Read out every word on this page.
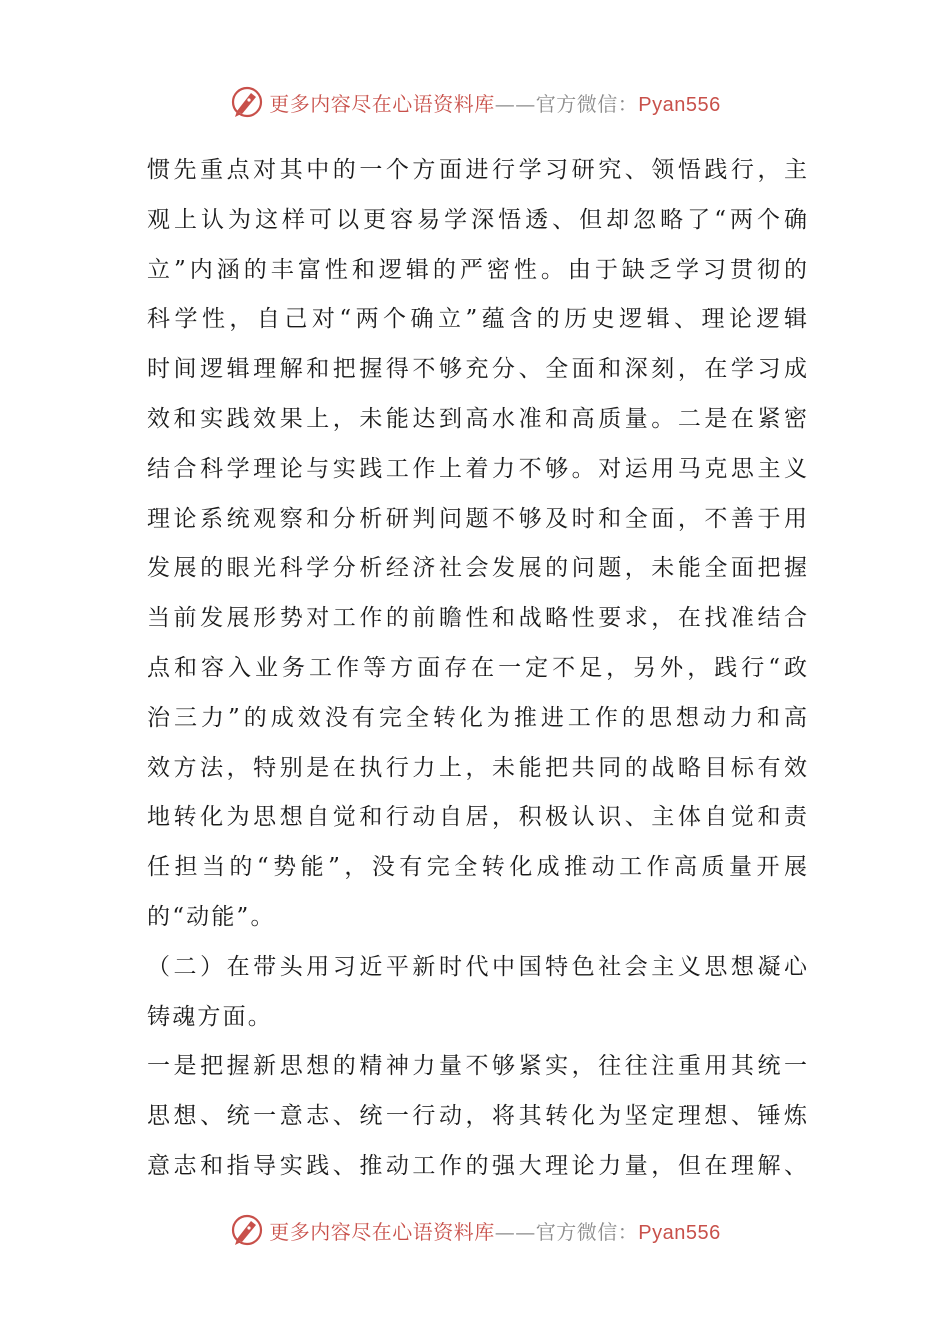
更多内容尽在心语资料库——官方微信：Pyan556
惯先重点对其中的一个方面进行学习研究、领悟践行，主
观上认为这样可以更容易学深悟透、但却忽略了“两个确
立”内涵的丰富性和逻辑的严密性。由于缺乏学习贯彻的
科学性，自己对“两个确立”蕴含的历史逻辑、理论逻辑
时间逻辑理解和把握得不够充分、全面和深刻，在学习成
效和实践效果上，未能达到高水准和高质量。二是在紧密
结合科学理论与实践工作上着力不够。对运用马克思主义
理论系统观察和分析研判问题不够及时和全面，不善于用
发展的眼光科学分析经济社会发展的问题，未能全面把握
当前发展形势对工作的前瞻性和战略性要求，在找准结合
点和容入业务工作等方面存在一定不足，另外，践行“政
治三力”的成效没有完全转化为推进工作的思想动力和高
效方法，特别是在执行力上，未能把共同的战略目标有效
地转化为思想自觉和行动自居，积极认识、主体自觉和责
任担当的“势能”，没有完全转化成推动工作高质量开展
的“动能”。
（二）在带头用习近平新时代中国特色社会主义思想凝心
铸魂方面。
一是把握新思想的精神力量不够紧实，往往注重用其统一
思想、统一意志、统一行动，将其转化为坚定理想、锤炼
意志和指导实践、推动工作的强大理论力量，但在理解、
更多内容尽在心语资料库——官方微信：Pyan556
